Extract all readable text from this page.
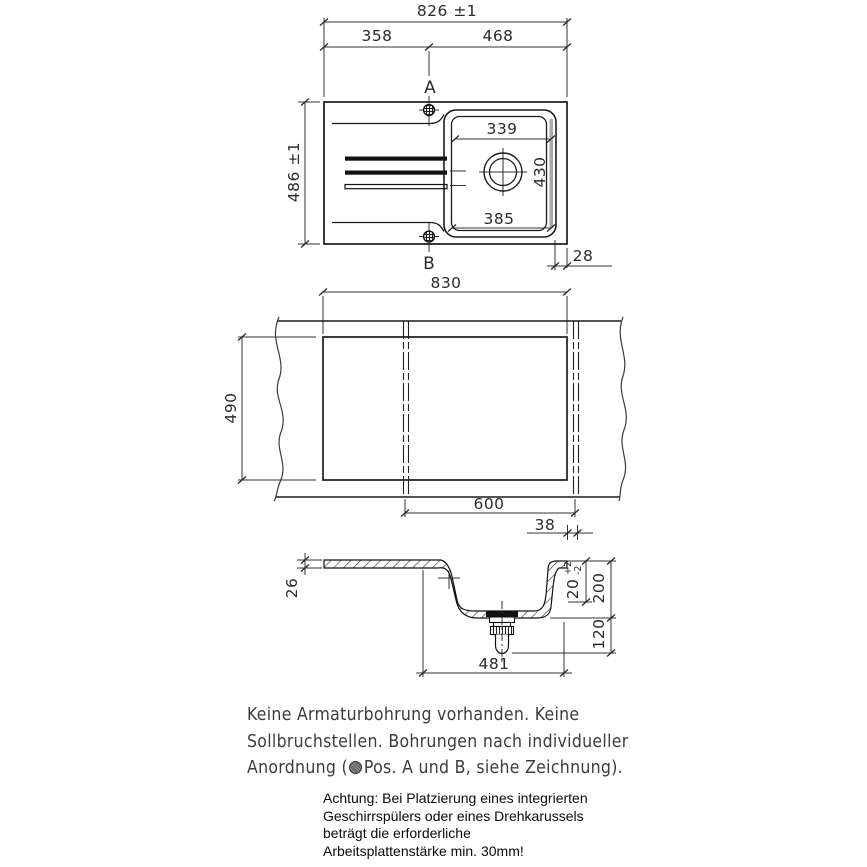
826 ±1
358	468
A
B
486 ±1
339
430
385
28
830
490
600
38
26	20
+2 -2
200
120
481
Keine Armaturbohrung vorhanden. Keine
Sollbruchstellen. Bohrungen nach individueller
Anordnung ( Pos. A und B, siehe Zeichnung).
Achtung: Bei Platzierung eines integrierten
Geschirrspülers oder eines Drehkarussels
beträgt die erforderliche
Arbeitsplattenstärke min. 30mm!
